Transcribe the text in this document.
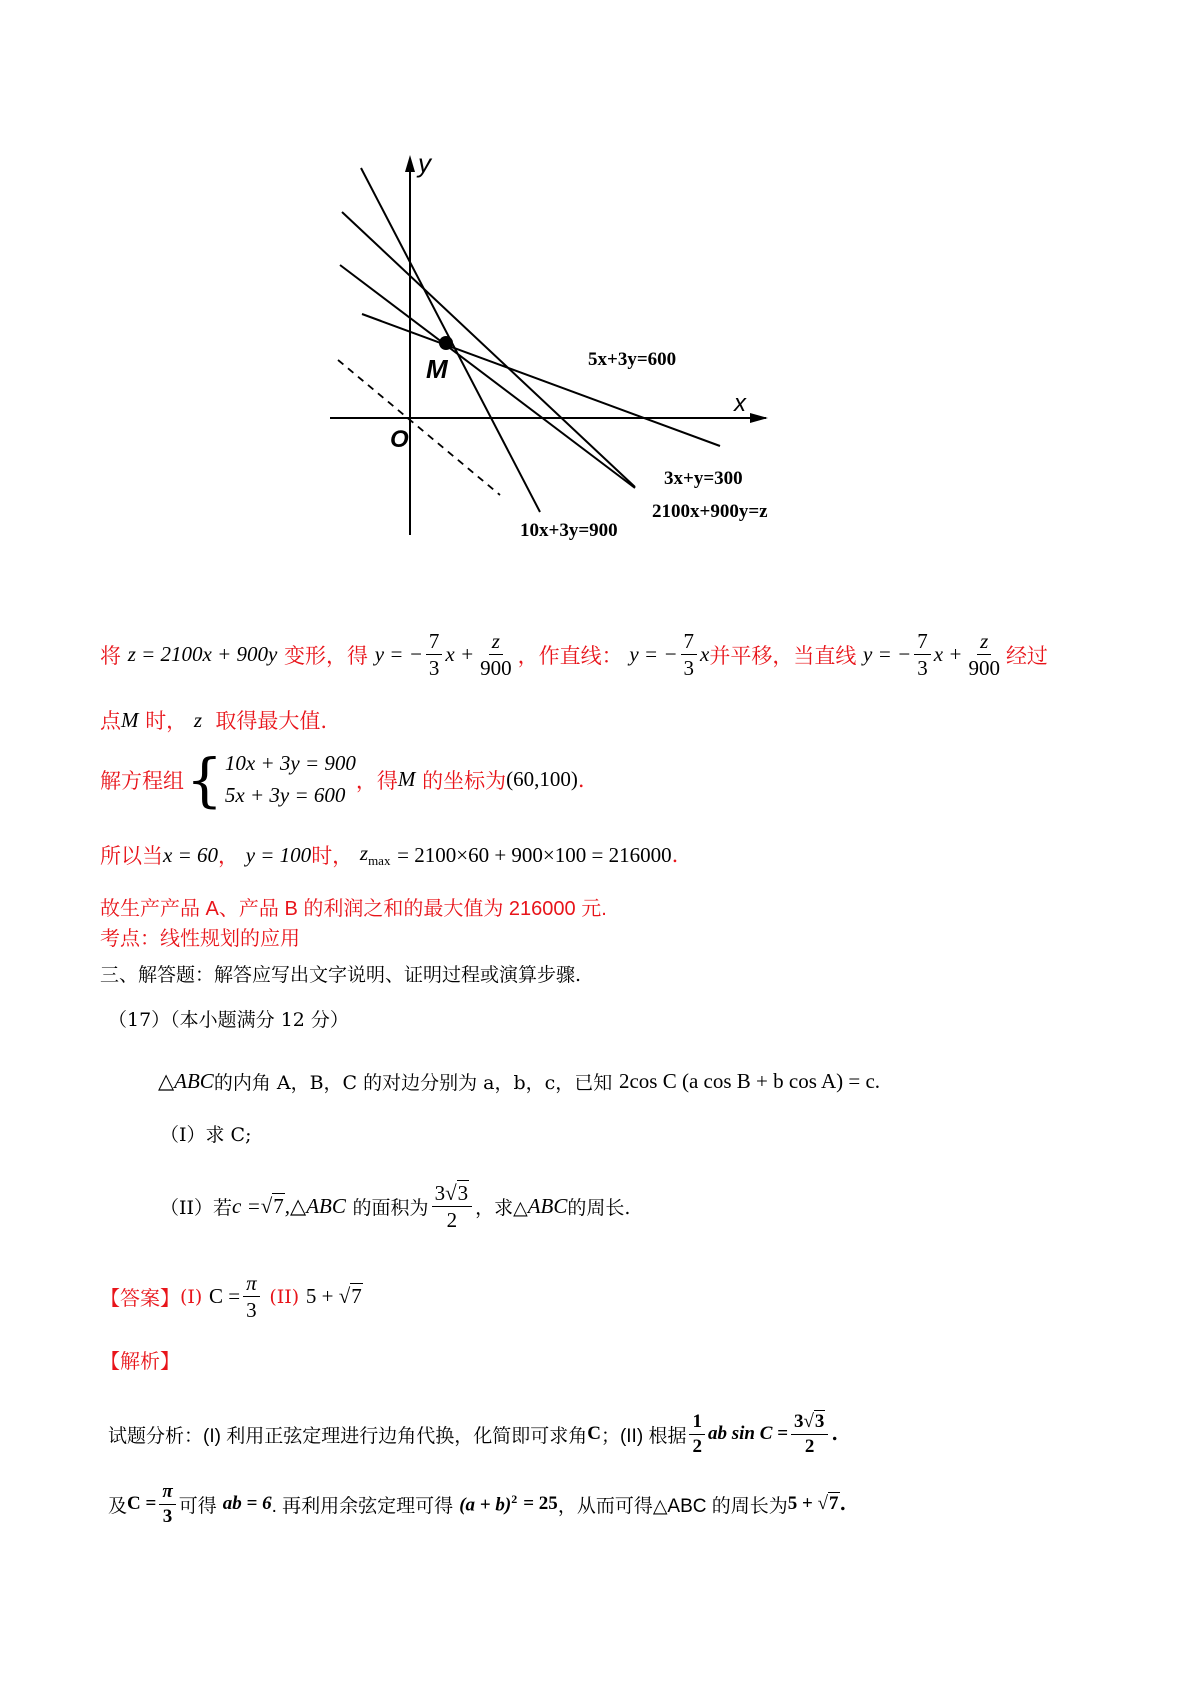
M
O
y
x
5x+3y=600
3x+y=300
2100x+900y=z
10x+3y=900
将
z = 2100x + 900y
变形，得
y = − $\frac{7}{3}$ $x + \frac{z}{900}$ ，作直线：
y = − $\frac{7}{3}$ x 并平移，当直线
y = − $\frac{7}{3}$ $x + \frac{z}{900}$ 经过
点 M
时，
z
取得最大值.
解方程组 { 10x + 3y = 900
5x + 3y = 600
，得 M
的坐标为 (60,100) .
所以当 x = 60 ，
y = 100 时，
$z_{max}$
= 2100×60 + 900×100 = 216000 .
故生产产品 A、产品 B 的利润之和的最大值为 216000 元.
考点：线性规划的应用
三、解答题：解答应写出文字说明、证明过程或演算步骤.
（17）（本小题满分 12 分）
△ABC 的内角 A，B，C 的对边分别为 a，b，c，已知
2cos C (a cos B + b cos A) = c.
（I）求 C;
（II）若 c = √7 ,△ABC
的面积为 $\frac{3√3}{2}$ ，求△ ABC 的周长.
【答案】 (I)
$C = \frac{\pi}{3}$
(II)
5 + √7
【解析】
试题分析：(I) 利用正弦定理进行边角代换，化简即可求角 C ；(II) 根据 $\frac{1}{2}$ ab $\sin C = \frac{3√3}{2}$ .
及 $C = \frac{\pi}{3}$ 可得
ab = 6 . 再利用余弦定理可得
$(a + b)^2$
= 25 ，从而可得△ABC 的周长为 5 + √7 .
